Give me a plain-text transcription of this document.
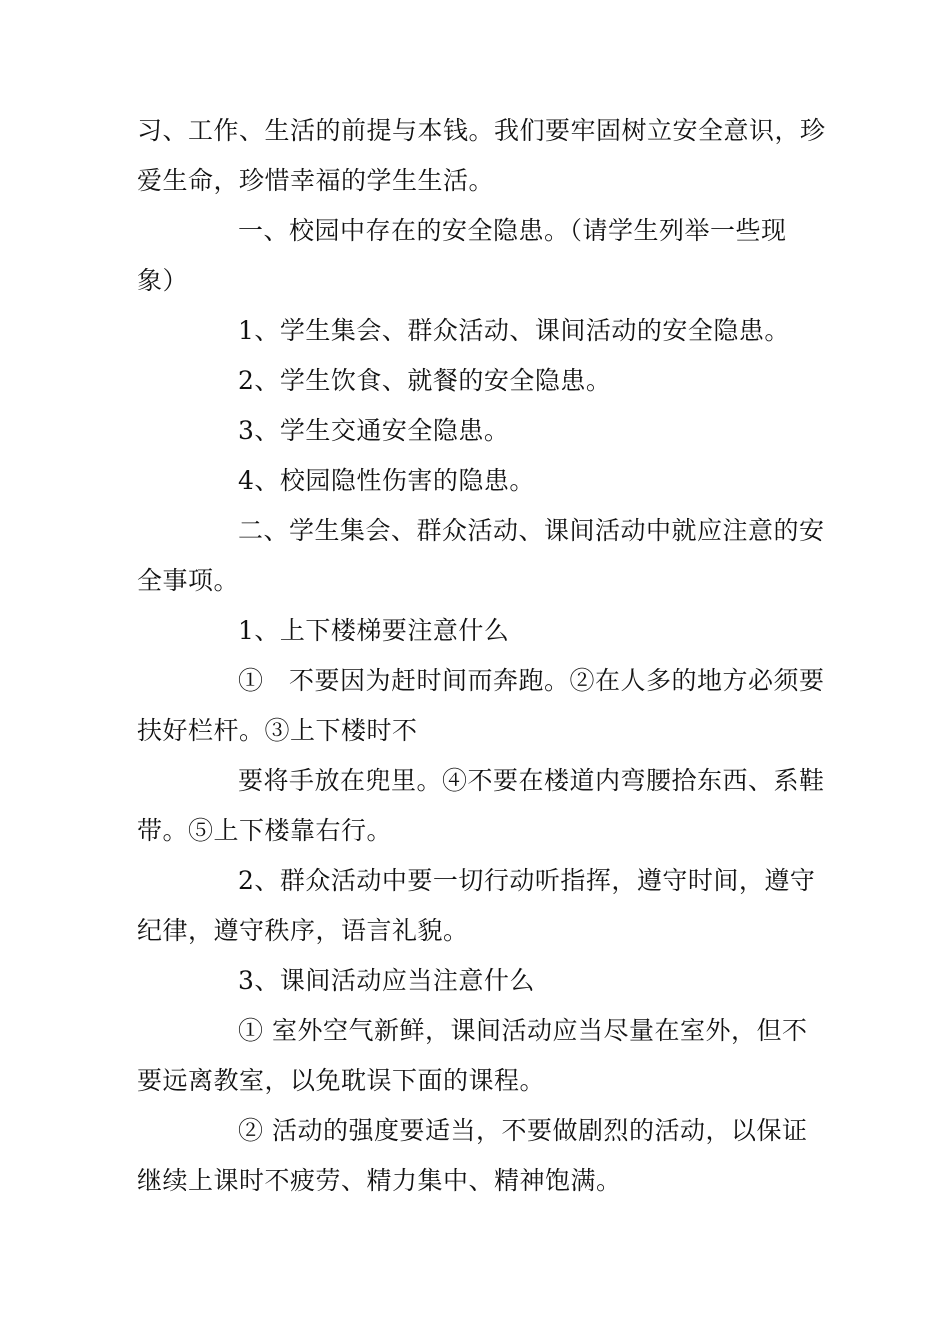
习、工作、生活的前提与本钱。我们要牢固树立安全意识，珍
爱生命，珍惜幸福的学生生活。
一、校园中存在的安全隐患。（请学生列举一些现
象）
1、学生集会、群众活动、课间活动的安全隐患。
2、学生饮食、就餐的安全隐患。
3、学生交通安全隐患。
4、校园隐性伤害的隐患。
二、学生集会、群众活动、课间活动中就应注意的安
全事项。
1、上下楼梯要注意什么
①　不要因为赶时间而奔跑。②在人多的地方必须要
扶好栏杆。③上下楼时不
要将手放在兜里。④不要在楼道内弯腰拾东西、系鞋
带。⑤上下楼靠右行。
2、群众活动中要一切行动听指挥，遵守时间，遵守
纪律，遵守秩序，语言礼貌。
3、课间活动应当注意什么
① 室外空气新鲜，课间活动应当尽量在室外，但不
要远离教室，以免耽误下面的课程。
② 活动的强度要适当，不要做剧烈的活动，以保证
继续上课时不疲劳、精力集中、精神饱满。
